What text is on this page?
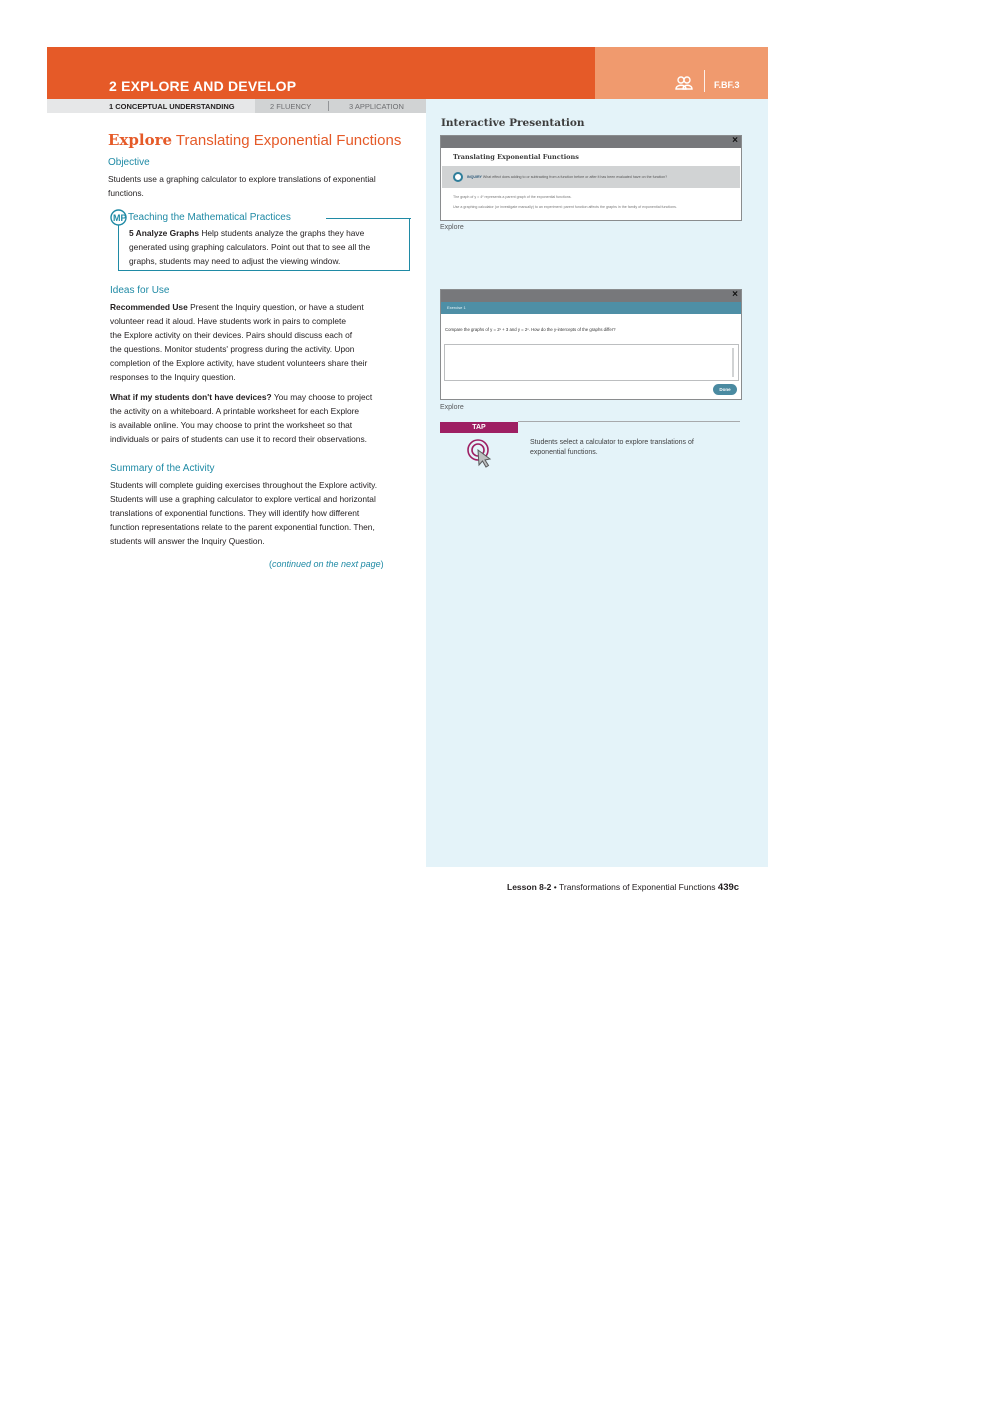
2 EXPLORE AND DEVELOP	F.BF.3
1 CONCEPTUAL UNDERSTANDING	2 FLUENCY	3 APPLICATION
Interactive Presentation
×
Translating Exponential Functions
INQUIRY What effect does adding to or subtracting from a function before or after it has been evaluated have on the function?
The graph of y = 4ˣ represents a parent graph of the exponential functions.
Use a graphing calculator (or investigate manually) to an experiment: parent function affects the graphs in the family of exponential functions.
Explore
×
Exercise 1
Compare the graphs of y = 2ˣ + 3 and y = 2ˣ. How do the y-intercepts of the graphs differ?
Done
Explore
TAP
Students select a calculator to explore translations of
exponential functions.
Explore Translating Exponential Functions
Objective
Students use a graphing calculator to explore translations of exponential
functions.
MP Teaching the Mathematical Practices
5 Analyze Graphs Help students analyze the graphs they have
generated using graphing calculators. Point out that to see all the
graphs, students may need to adjust the viewing window.
Ideas for Use
Recommended Use Present the Inquiry question, or have a student
volunteer read it aloud. Have students work in pairs to complete
the Explore activity on their devices. Pairs should discuss each of
the questions. Monitor students' progress during the activity. Upon
completion of the Explore activity, have student volunteers share their
responses to the Inquiry question.
What if my students don't have devices? You may choose to project
the activity on a whiteboard. A printable worksheet for each Explore
is available online. You may choose to print the worksheet so that
individuals or pairs of students can use it to record their observations.
Summary of the Activity
Students will complete guiding exercises throughout the Explore activity.
Students will use a graphing calculator to explore vertical and horizontal
translations of exponential functions. They will identify how different
function representations relate to the parent exponential function. Then,
students will answer the Inquiry Question.
(continued on the next page)
Lesson 8-2 • Transformations of Exponential Functions 439c
